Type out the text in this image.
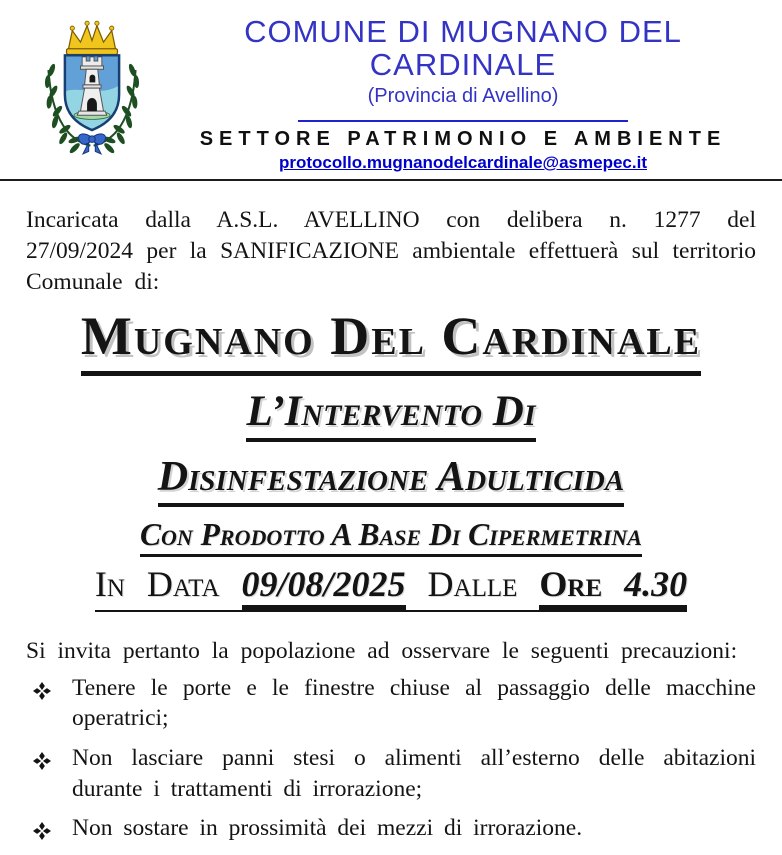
COMUNE DI MUGNANO DEL CARDINALE
(Provincia di Avellino)
SETTORE PATRIMONIO E AMBIENTE
protocollo.mugnanodelcardinale@asmepec.it

Incaricata dalla A.S.L. AVELLINO con delibera n. 1277 del 27/09/2024 per la SANIFICAZIONE ambientale effettuerà sul territorio Comunale di:

Mugnano Del Cardinale
L’Intervento Di
Disinfestazione Adulticida
Con Prodotto A Base Di Cipermetrina
In Data 09/08/2025 Dalle Ore 4.30

Si invita pertanto la popolazione ad osservare le seguenti precauzioni:

Tenere le porte e le finestre chiuse al passaggio delle macchine operatrici;
Non lasciare panni stesi o alimenti all’esterno delle abitazioni durante i trattamenti di irrorazione;
Non sostare in prossimità dei mezzi di irrorazione.
